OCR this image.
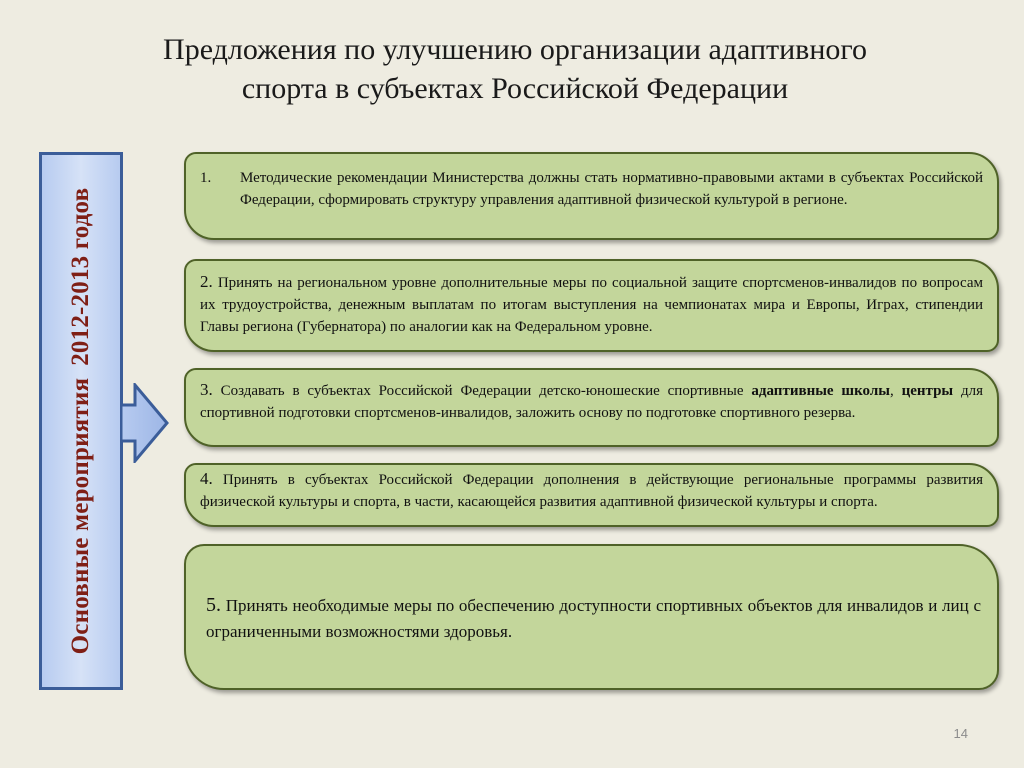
Предложения по улучшению организации адаптивного
спорта в субъектах Российской Федерации
Основные мероприятия2012-2013 годов
1.	Методические рекомендации Министерства должны стать нормативно-правовыми актами в субъектах Российской Федерации, сформировать структуру управления адаптивной физической культурой в регионе.
2. Принять на региональном уровне дополнительные меры по социальной защите спортсменов-инвалидов по вопросам их трудоустройства, денежным выплатам по итогам выступления на чемпионатах мира и Европы, Играх, стипендии Главы региона (Губернатора) по аналогии как на Федеральном уровне.
3. Создавать в субъектах Российской Федерации детско-юношеские спортивные адаптивные школы, центры для спортивной подготовки спортсменов-инвалидов, заложить основу по подготовке спортивного резерва.
4. Принять в субъектах Российской Федерации дополнения в действующие региональные программы развития физической культуры и спорта, в части, касающейся развития адаптивной физической культуры и спорта.
5. Принять необходимые меры по обеспечению доступности спортивных объектов для инвалидов и лиц с ограниченными возможностями здоровья.
14
